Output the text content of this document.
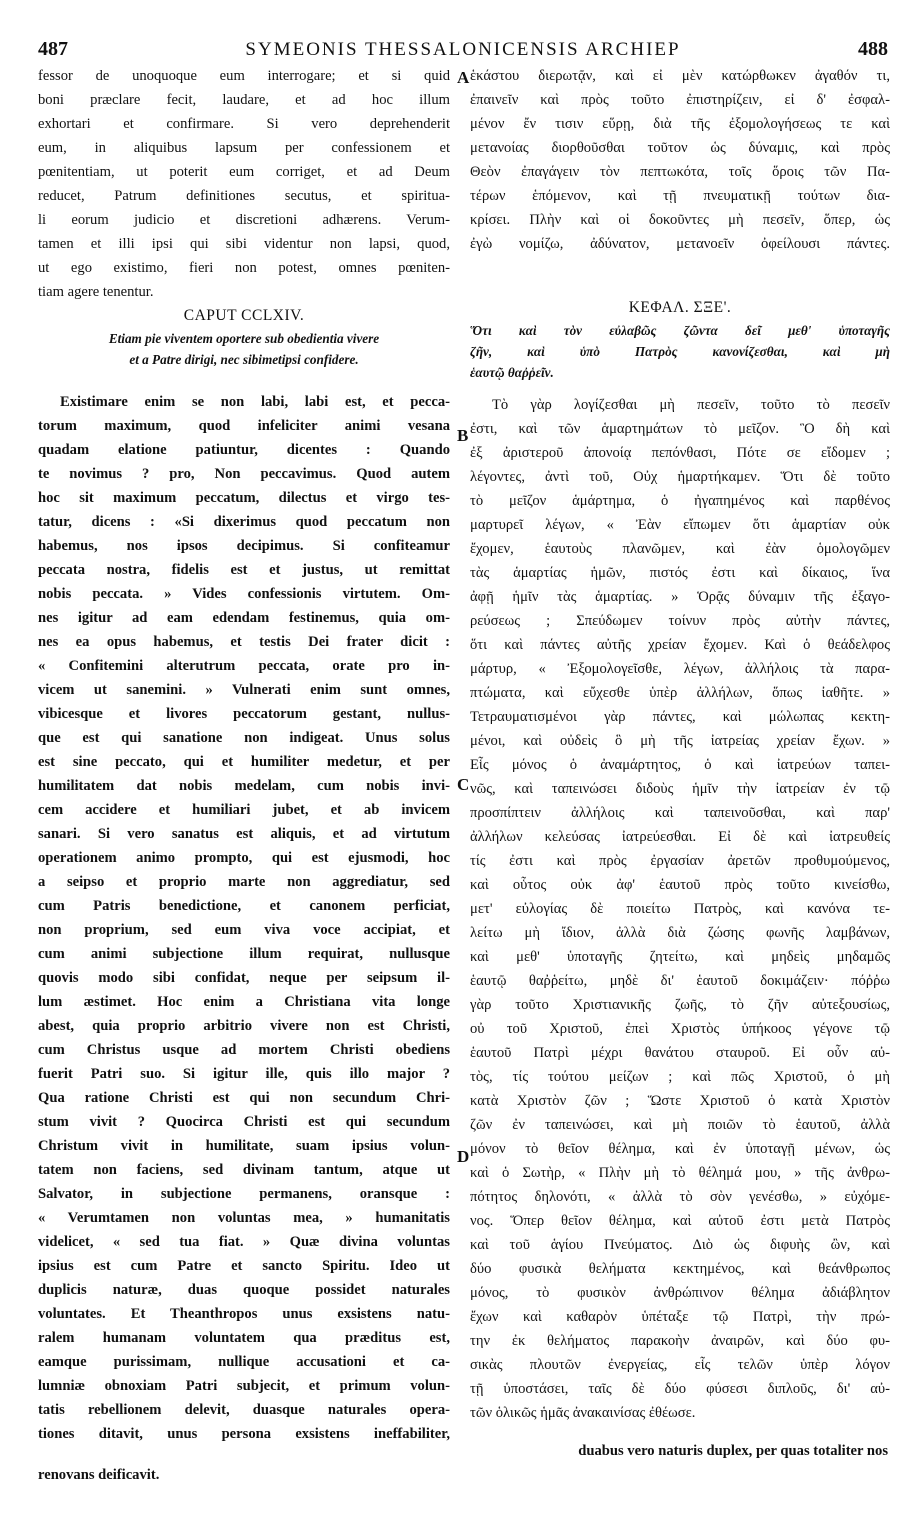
487	SYMEONIS THESSALONICENSIS ARCHIEP	488
fessor de unoquoque eum interrogare; et si quid
boni præclare fecit, laudare, et ad hoc illum
exhortari et confirmare. Si vero deprehenderit
eum, in aliquibus lapsum per confessionem et
pœnitentiam, ut poterit eum corriget, et ad Deum
reducet, Patrum definitiones secutus, et spiritua-
li eorum judicio et discretioni adhærens. Verum-
tamen et illi ipsi qui sibi videntur non lapsi, quod,
ut ego existimo, fieri non potest, omnes pœniten-
tiam agere tenentur.
CAPUT CCLXIV.
Etiam pie viventem oportere sub obedientia vivere
et a Patre dirigi, nec sibimetipsi confidere.
Existimare enim se non labi, labi est, et pecca-
torum maximum, quod infeliciter animi vesana
quadam elatione patiuntur, dicentes : Quando
te novimus ? pro, Non peccavimus. Quod autem
hoc sit maximum peccatum, dilectus et virgo tes-
tatur, dicens : «Si dixerimus quod peccatum non
habemus, nos ipsos decipimus. Si confiteamur
peccata nostra, fidelis est et justus, ut remittat
nobis peccata. » Vides confessionis virtutem. Om-
nes igitur ad eam edendam festinemus, quia om-
nes ea opus habemus, et testis Dei frater dicit :
« Confitemini alterutrum peccata, orate pro in-
vicem ut sanemini. » Vulnerati enim sunt omnes,
vibicesque et livores peccatorum gestant, nullus-
que est qui sanatione non indigeat. Unus solus
est sine peccato, qui et humiliter medetur, et per
humilitatem dat nobis medelam, cum nobis invi-
cem accidere et humiliari jubet, et ab invicem
sanari. Si vero sanatus est aliquis, et ad virtutum
operationem animo prompto, qui est ejusmodi, hoc
a seipso et proprio marte non aggrediatur, sed
cum Patris benedictione, et canonem perficiat,
non proprium, sed eum viva voce accipiat, et
cum animi subjectione illum requirat, nullusque
quovis modo sibi confidat, neque per seipsum il-
lum æstimet. Hoc enim a Christiana vita longe
abest, quia proprio arbitrio vivere non est Christi,
cum Christus usque ad mortem Christi obediens
fuerit Patri suo. Si igitur ille, quis illo major ?
Qua ratione Christi est qui non secundum Chri-
stum vivit ? Quocirca Christi est qui secundum
Christum vivit in humilitate, suam ipsius volun-
tatem non faciens, sed divinam tantum, atque ut
Salvator, in subjectione permanens, oransque :
« Verumtamen non voluntas mea, » humanitatis
videlicet, « sed tua fiat. » Quæ divina voluntas
ipsius est cum Patre et sancto Spiritu. Ideo ut
duplicis naturæ, duas quoque possidet naturales
voluntates. Et Theanthropos unus exsistens natu-
ralem humanam voluntatem qua præditus est,
eamque purissimam, nullique accusationi et ca-
lumniæ obnoxiam Patri subjecit, et primum volun-
tatis rebellionem delevit, duasque naturales opera-
tiones ditavit, unus persona exsistens ineffabiliter,
ἑκάστου διερωτᾷν, καὶ εἰ μὲν κατώρθωκεν ἀγαθόν τι,
ἐπαινεῖν καὶ πρὸς τοῦτο ἐπιστηρίζειν, εἰ δ' ἐσφαλ-
μένον ἔν τισιν εὕρῃ, διὰ τῆς ἐξομολογήσεως τε καὶ
μετανοίας διορθοῦσθαι τοῦτον ὡς δύναμις, καὶ πρὸς
Θεὸν ἐπαγάγειν τὸν πεπτωκότα, τοῖς ὅροις τῶν Πα-
τέρων ἑπόμενον, καὶ τῇ πνευματικῇ τούτων δια-
κρίσει. Πλὴν καὶ οἱ δοκοῦντες μὴ πεσεῖν, ὅπερ, ὡς
ἐγὼ νομίζω, ἀδύνατον, μετανοεῖν ὀφείλουσι πάντες.
ΚΕΦΑΛ. ΣΞΕ'.
Ὅτι καὶ τὸν εὐλαβῶς ζῶντα δεῖ μεθ' ὑποταγῆς
ζῆν, καὶ ὑπὸ Πατρὸς κανονίζεσθαι, καὶ μὴ
ἑαυτῷ θαῤῥεῖν.
Τὸ γὰρ λογίζεσθαι μὴ πεσεῖν, τοῦτο τὸ πεσεῖν
ἐστι, καὶ τῶν ἁμαρτημάτων τὸ μεῖζον. Ὃ δὴ καὶ
ἐξ ἀριστεροῦ ἀπονοίᾳ πεπόνθασι, Πότε σε εἴδομεν ;
λέγοντες, ἀντὶ τοῦ, Οὐχ ἡμαρτήκαμεν. Ὅτι δὲ τοῦτο
τὸ μεῖζον ἁμάρτημα, ὁ ἠγαπημένος καὶ παρθένος
μαρτυρεῖ λέγων, « Ἐὰν εἴπωμεν ὅτι ἁμαρτίαν οὐκ
ἔχομεν, ἑαυτοὺς πλανῶμεν, καὶ ἐὰν ὁμολογῶμεν
τὰς ἁμαρτίας ἡμῶν, πιστός ἐστι καὶ δίκαιος, ἵνα
ἀφῇ ἡμῖν τὰς ἁμαρτίας. » Ὁρᾷς δύναμιν τῆς ἐξαγο-
ρεύσεως ; Σπεύδωμεν τοίνυν πρὸς αὐτὴν πάντες,
ὅτι καὶ πάντες αὐτῆς χρείαν ἔχομεν. Καὶ ὁ θεάδελφος
μάρτυρ, « Ἐξομολογεῖσθε, λέγων, ἀλλήλοις τὰ παρα-
πτώματα, καὶ εὔχεσθε ὑπὲρ ἀλλήλων, ὅπως ἰαθῆτε. »
Τετραυματισμένοι γὰρ πάντες, καὶ μώλωπας κεκτη-
μένοι, καὶ οὐδεὶς ὃ μὴ τῆς ἰατρείας χρείαν ἔχων. »
Εἷς μόνος ὁ ἀναμάρτητος, ὁ καὶ ἰατρεύων ταπει-
νῶς, καὶ ταπεινώσει διδοὺς ἡμῖν τὴν ἰατρείαν ἐν τῷ
προσπίπτειν ἀλλήλοις καὶ ταπεινοῦσθαι, καὶ παρ'
ἀλλήλων κελεύσας ἰατρεύεσθαι. Εἰ δὲ καὶ ἰατρευθείς
τίς ἐστι καὶ πρὸς ἐργασίαν ἀρετῶν προθυμούμενος,
καὶ οὗτος οὐκ ἀφ' ἑαυτοῦ πρὸς τοῦτο κινείσθω,
μετ' εὐλογίας δὲ ποιείτω Πατρὸς, καὶ κανόνα τε-
λείτω μὴ ἴδιον, ἀλλὰ διὰ ζώσης φωνῆς λαμβάνων,
καὶ μεθ' ὑποταγῆς ζητείτω, καὶ μηδεὶς μηδαμῶς
ἑαυτῷ θαῤῥείτω, μηδὲ δι' ἑαυτοῦ δοκιμάζειν· πόῤῥω
γὰρ τοῦτο Χριστιανικῆς ζωῆς, τὸ ζῆν αὐτεξουσίως,
οὐ τοῦ Χριστοῦ, ἐπεὶ Χριστὸς ὑπήκοος γέγονε τῷ
ἑαυτοῦ Πατρὶ μέχρι θανάτου σταυροῦ. Εἰ οὖν αὐ-
τὸς, τίς τούτου μείζων ; καὶ πῶς Χριστοῦ, ὁ μὴ
κατὰ Χριστὸν ζῶν ; Ὥστε Χριστοῦ ὁ κατὰ Χριστὸν
ζῶν ἐν ταπεινώσει, καὶ μὴ ποιῶν τὸ ἑαυτοῦ, ἀλλὰ
μόνον τὸ θεῖον θέλημα, καὶ ἐν ὑποταγῇ μένων, ὡς
καὶ ὁ Σωτὴρ, « Πλὴν μὴ τὸ θέλημά μου, » τῆς ἀνθρω-
πότητος δηλονότι, « ἀλλὰ τὸ σὸν γενέσθω, » εὐχόμε-
νος. Ὅπερ θεῖον θέλημα, καὶ αὐτοῦ ἐστι μετὰ Πατρὸς
καὶ τοῦ ἁγίου Πνεύματος. Διὸ ὡς διφυὴς ὢν, καὶ
δύο φυσικὰ θελήματα κεκτημένος, καὶ θεάνθρωπος
μόνος, τὸ φυσικὸν ἀνθρώπινον θέλημα ἀδιάβλητον
ἔχων καὶ καθαρὸν ὑπέταξε τῷ Πατρὶ, τὴν πρώ-
την ἐκ θελήματος παρακοὴν ἀναιρῶν, καὶ δύο φυ-
σικὰς πλουτῶν ἐνεργείας, εἷς τελῶν ὑπὲρ λόγον
τῇ ὑποστάσει, ταῖς δὲ δύο φύσεσι διπλοῦς, δι' αὐ-
τῶν ὁλικῶς ἡμᾶς ἀνακαινίσας ἐθέωσε.
A
B
C
D
duabus vero naturis duplex, per quas totaliter nos
renovans deificavit.
